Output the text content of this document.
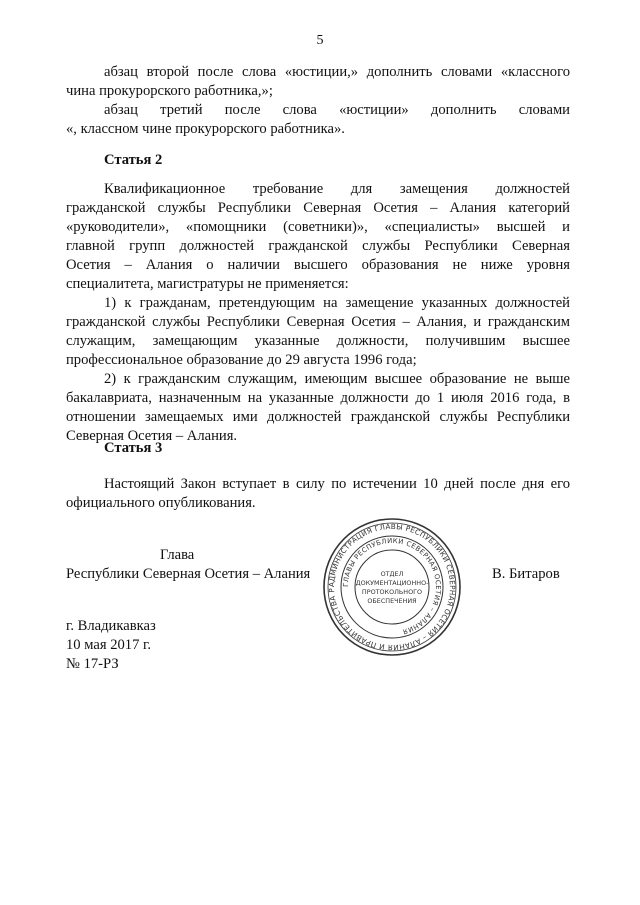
5

абзац второй после слова «юстиции,» дополнить словами «классного
чина прокурорского работника,»;

абзац третий после слова «юстиции» дополнить словами
«, классном чине прокурорского работника».

Статья 2

Квалификационное требование для замещения должностей
гражданской службы Республики Северная Осетия – Алания категорий
«руководители», «помощники (советники)», «специалисты» высшей и
главной групп должностей гражданской службы Республики Северная
Осетия – Алания о наличии высшего образования не ниже уровня
специалитета, магистратуры не применяется:

1) к гражданам, претендующим на замещение указанных должностей
гражданской службы Республики Северная Осетия – Алания, и гражданским
служащим, замещающим указанные должности, получившим высшее
профессиональное образование до 29 августа 1996 года;

2) к гражданским служащим, имеющим высшее образование не выше
бакалавриата, назначенным на указанные должности до 1 июля 2016 года, в
отношении замещаемых ими должностей гражданской службы Республики
Северная Осетия – Алания.

Статья 3

Настоящий Закон вступает в силу по истечении 10 дней после дня его
официального опубликования.

Глава
Республики Северная Осетия – Алания	В. Битаров
АДМИНИСТРАЦИЯ ГЛАВЫ РЕСПУБЛИКИ СЕВЕРНАЯ ОСЕТИЯ – АЛАНИЯ И ПРАВИТЕЛЬСТВА Р
ГЛАВЫ РЕСПУБЛИКИ СЕВЕРНАЯ ОСЕТИЯ – АЛАНИЯ
ОТДЕЛ
ДОКУМЕНТАЦИОННО-
ПРОТОКОЛЬНОГО
ОБЕСПЕЧЕНИЯ
г. Владикавказ
10 мая 2017 г.
№ 17-РЗ
